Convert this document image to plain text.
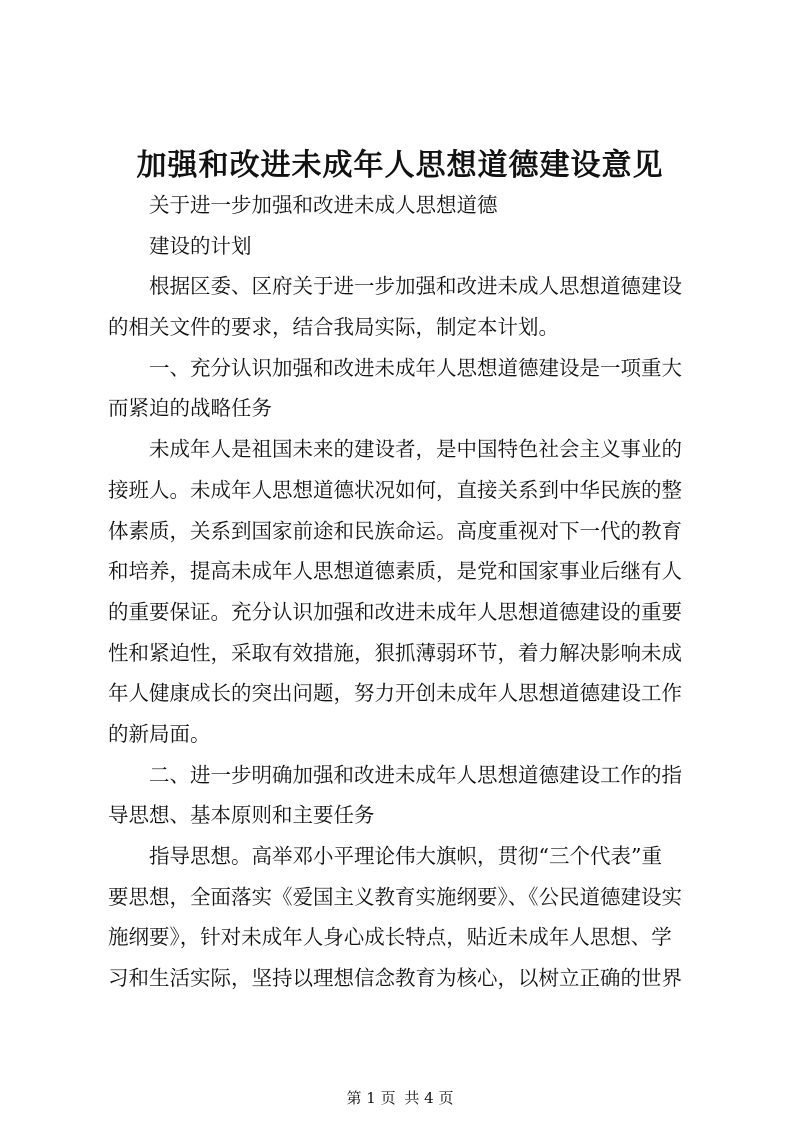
加强和改进未成年人思想道德建设意见
关于进一步加强和改进未成人思想道德
建设的计划
根据区委、区府关于进一步加强和改进未成人思想道德建设
的相关文件的要求，结合我局实际，制定本计划。
一、充分认识加强和改进未成年人思想道德建设是一项重大
而紧迫的战略任务
未成年人是祖国未来的建设者，是中国特色社会主义事业的
接班人。未成年人思想道德状况如何，直接关系到中华民族的整
体素质，关系到国家前途和民族命运。高度重视对下一代的教育
和培养，提高未成年人思想道德素质，是党和国家事业后继有人
的重要保证。充分认识加强和改进未成年人思想道德建设的重要
性和紧迫性，采取有效措施，狠抓薄弱环节，着力解决影响未成
年人健康成长的突出问题，努力开创未成年人思想道德建设工作
的新局面。
二、进一步明确加强和改进未成年人思想道德建设工作的指
导思想、基本原则和主要任务
指导思想。高举邓小平理论伟大旗帜，贯彻“三个代表”重
要思想，全面落实《爱国主义教育实施纲要》、《公民道德建设实
施纲要》，针对未成年人身心成长特点，贴近未成年人思想、学
习和生活实际，坚持以理想信念教育为核心，以树立正确的世界
第 1 页 共 4 页
